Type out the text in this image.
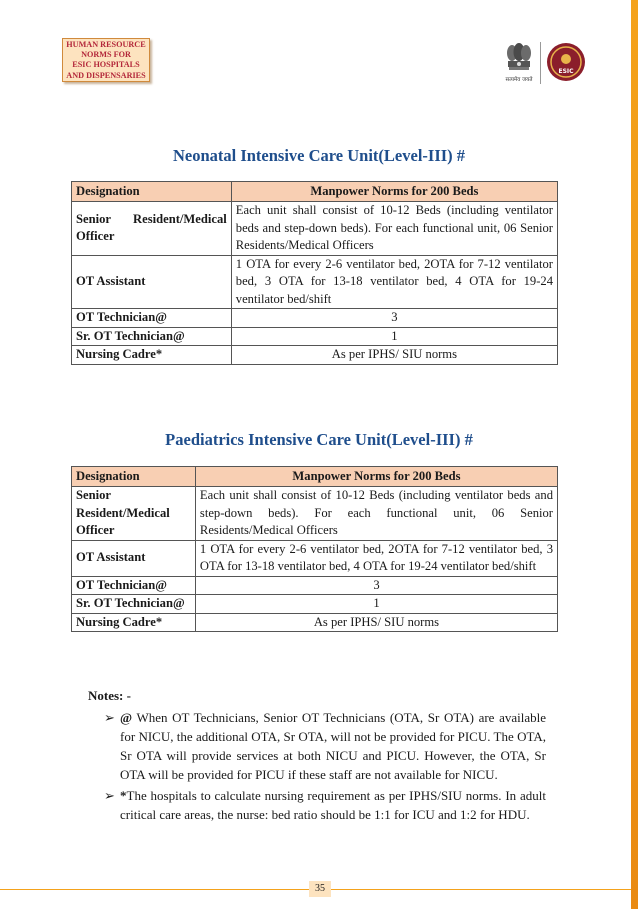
HUMAN RESOURCE
NORMS FOR
ESIC HOSPITALS
AND DISPENSARIES
सत्यमेव जयते
ESIC
Neonatal Intensive Care Unit(Level-III) #
Designation	Manpower Norms for 200 Beds
Senior Resident/Medical Officer	Each unit shall consist of 10-12 Beds (including ventilator beds and step-down beds). For each functional unit, 06 Senior Residents/Medical Officers
OT Assistant	1 OTA for every 2-6 ventilator bed, 2OTA for 7-12 ventilator bed, 3 OTA for 13-18 ventilator bed, 4 OTA for 19-24 ventilator bed/shift
OT Technician@	3
Sr. OT Technician@	1
Nursing Cadre*	As per IPHS/ SIU norms
Paediatrics Intensive Care Unit(Level-III) #
Designation	Manpower Norms for 200 Beds
Senior Resident/Medical Officer	Each unit shall consist of 10-12 Beds (including ventilator beds and step-down beds). For each functional unit, 06 Senior Residents/Medical Officers
OT Assistant	1 OTA for every 2-6 ventilator bed, 2OTA for 7-12 ventilator bed, 3 OTA for 13-18 ventilator bed, 4 OTA for 19-24 ventilator bed/shift
OT Technician@	3
Sr. OT Technician@	1
Nursing Cadre*	As per IPHS/ SIU norms
Notes: -
➢ @ When OT Technicians, Senior OT Technicians (OTA, Sr OTA) are available for NICU, the additional OTA, Sr OTA, will not be provided for PICU. The OTA, Sr OTA will provide services at both NICU and PICU. However, the OTA, Sr OTA will be provided for PICU if these staff are not available for NICU.
➢ *The hospitals to calculate nursing requirement as per IPHS/SIU norms. In adult critical care areas, the nurse: bed ratio should be 1:1 for ICU and 1:2 for HDU.
35
